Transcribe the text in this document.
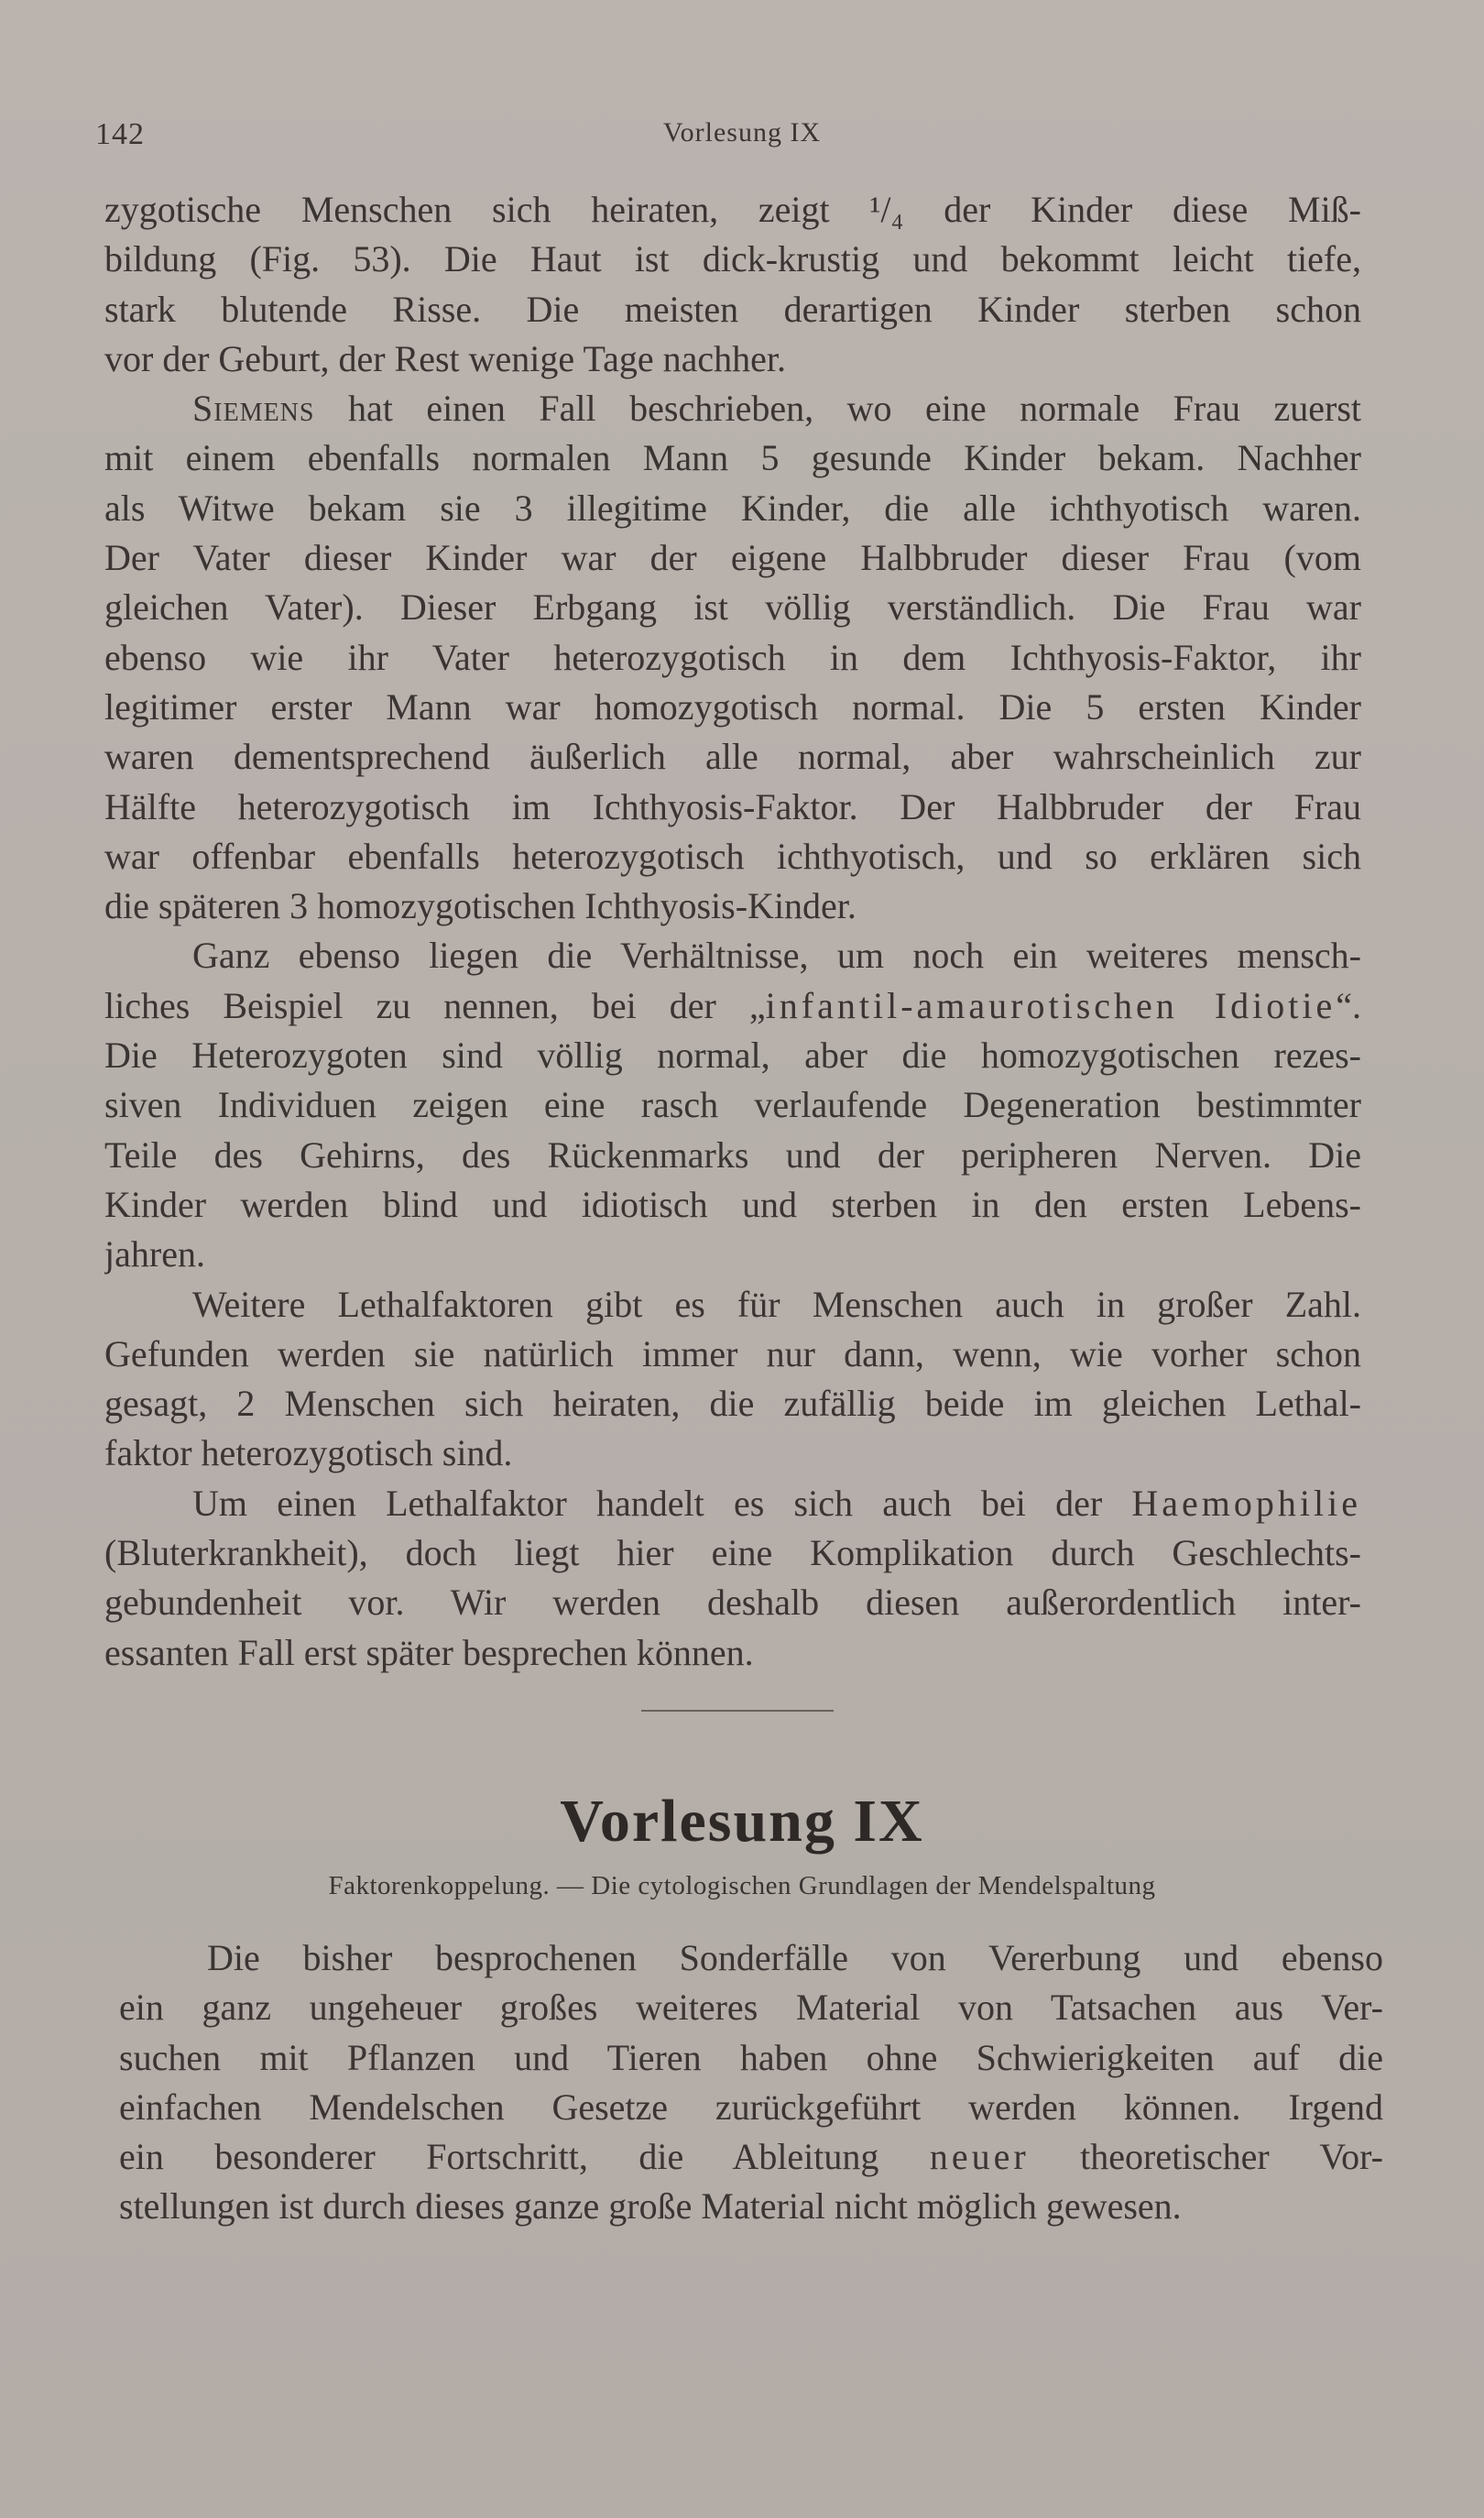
142	Vorlesung IX

zygotische Menschen sich heiraten, zeigt ¹/₄ der Kinder diese Miß-
bildung (Fig. 53). Die Haut ist dick-krustig und bekommt leicht tiefe,
stark blutende Risse. Die meisten derartigen Kinder sterben schon
vor der Geburt, der Rest wenige Tage nachher.

Siemens hat einen Fall beschrieben, wo eine normale Frau zuerst
mit einem ebenfalls normalen Mann 5 gesunde Kinder bekam. Nachher
als Witwe bekam sie 3 illegitime Kinder, die alle ichthyotisch waren.
Der Vater dieser Kinder war der eigene Halbbruder dieser Frau (vom
gleichen Vater). Dieser Erbgang ist völlig verständlich. Die Frau war
ebenso wie ihr Vater heterozygotisch in dem Ichthyosis-Faktor, ihr
legitimer erster Mann war homozygotisch normal. Die 5 ersten Kinder
waren dementsprechend äußerlich alle normal, aber wahrscheinlich zur
Hälfte heterozygotisch im Ichthyosis-Faktor. Der Halbbruder der Frau
war offenbar ebenfalls heterozygotisch ichthyotisch, und so erklären sich
die späteren 3 homozygotischen Ichthyosis-Kinder.

Ganz ebenso liegen die Verhältnisse, um noch ein weiteres mensch-
liches Beispiel zu nennen, bei der „infantil-amaurotischen Idiotie“.
Die Heterozygoten sind völlig normal, aber die homozygotischen rezes-
siven Individuen zeigen eine rasch verlaufende Degeneration bestimmter
Teile des Gehirns, des Rückenmarks und der peripheren Nerven. Die
Kinder werden blind und idiotisch und sterben in den ersten Lebens-
jahren.

Weitere Lethalfaktoren gibt es für Menschen auch in großer Zahl.
Gefunden werden sie natürlich immer nur dann, wenn, wie vorher schon
gesagt, 2 Menschen sich heiraten, die zufällig beide im gleichen Lethal-
faktor heterozygotisch sind.

Um einen Lethalfaktor handelt es sich auch bei der Haemophilie
(Bluterkrankheit), doch liegt hier eine Komplikation durch Geschlechts-
gebundenheit vor. Wir werden deshalb diesen außerordentlich inter-
essanten Fall erst später besprechen können.

Vorlesung IX
Faktorenkoppelung. — Die cytologischen Grundlagen der Mendelspaltung

Die bisher besprochenen Sonderfälle von Vererbung und ebenso
ein ganz ungeheuer großes weiteres Material von Tatsachen aus Ver-
suchen mit Pflanzen und Tieren haben ohne Schwierigkeiten auf die
einfachen Mendelschen Gesetze zurückgeführt werden können. Irgend
ein besonderer Fortschritt, die Ableitung neuer theoretischer Vor-
stellungen ist durch dieses ganze große Material nicht möglich gewesen.
